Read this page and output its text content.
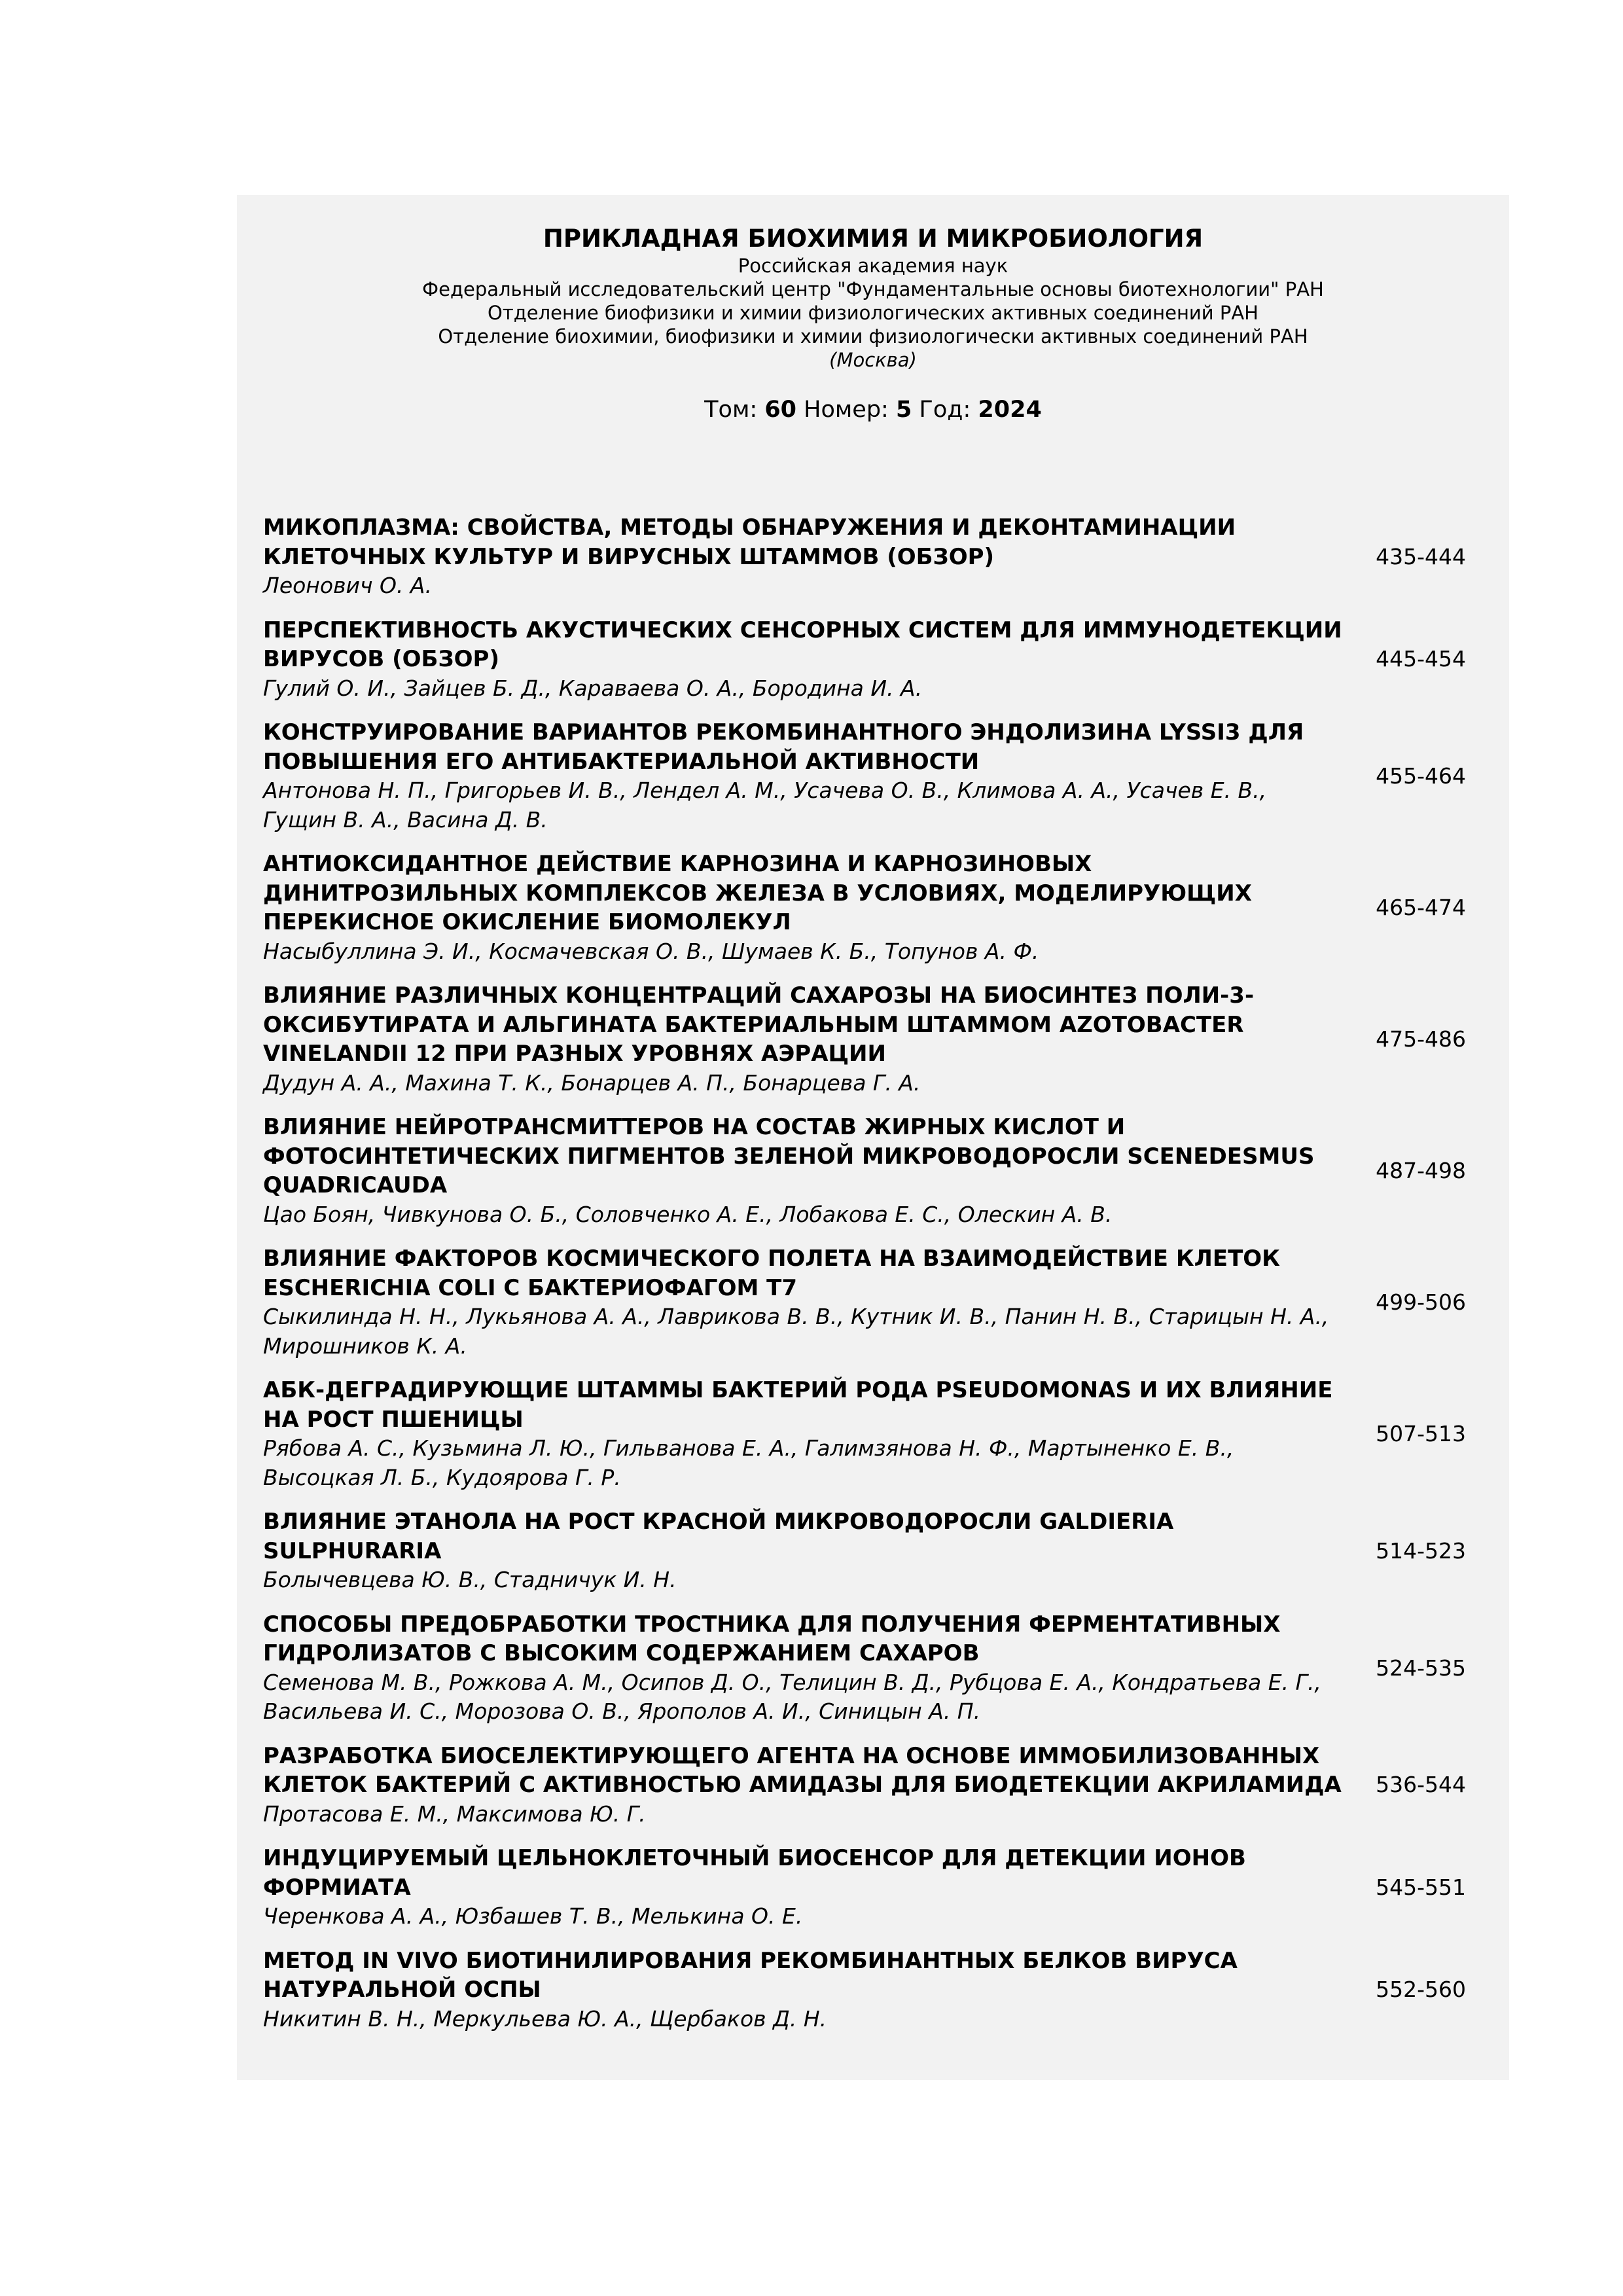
ПРИКЛАДНАЯ БИОХИМИЯ И МИКРОБИОЛОГИЯ

Российская академия наук

Федеральный исследовательский центр "Фундаментальные основы биотехнологии" РАН

Отделение биофизики и химии физиологических активных соединений РАН

Отделение биохимии, биофизики и химии физиологически активных соединений РАН

(Москва)

Том: 60 Номер: 5 Год: 2024

МИКОПЛАЗМА: СВОЙСТВА, МЕТОДЫ ОБНАРУЖЕНИЯ И ДЕКОНТАМИНАЦИИ КЛЕТОЧНЫХ КУЛЬТУР И ВИРУСНЫХ ШТАММОВ (ОБЗОР)

Леонович О. А.

435-444

ПЕРСПЕКТИВНОСТЬ АКУСТИЧЕСКИХ СЕНСОРНЫХ СИСТЕМ ДЛЯ ИММУНОДЕТЕКЦИИ ВИРУСОВ (ОБЗОР)

Гулий О. И., Зайцев Б. Д., Караваева О. А., Бородина И. А.

445-454

КОНСТРУИРОВАНИЕ ВАРИАНТОВ РЕКОМБИНАНТНОГО ЭНДОЛИЗИНА LYSSI3 ДЛЯ ПОВЫШЕНИЯ ЕГО АНТИБАКТЕРИАЛЬНОЙ АКТИВНОСТИ

Антонова Н. П., Григорьев И. В., Лендел А. М., Усачева О. В., Климова А. А., Усачев Е. В., Гущин В. А., Васина Д. В.

455-464

АНТИОКСИДАНТНОЕ ДЕЙСТВИЕ КАРНОЗИНА И КАРНОЗИНОВЫХ ДИНИТРОЗИЛЬНЫХ КОМПЛЕКСОВ ЖЕЛЕЗА В УСЛОВИЯХ, МОДЕЛИРУЮЩИХ ПЕРЕКИСНОЕ ОКИСЛЕНИЕ БИОМОЛЕКУЛ

Насыбуллина Э. И., Космачевская О. В., Шумаев К. Б., Топунов А. Ф.

465-474

ВЛИЯНИЕ РАЗЛИЧНЫХ КОНЦЕНТРАЦИЙ САХАРОЗЫ НА БИОСИНТЕЗ ПОЛИ-3-ОКСИБУТИРАТА И АЛЬГИНАТА БАКТЕРИАЛЬНЫМ ШТАММОМ AZOTOBACTER VINELANDII 12 ПРИ РАЗНЫХ УРОВНЯХ АЭРАЦИИ

Дудун А. А., Махина Т. К., Бонарцев А. П., Бонарцева Г. А.

475-486

ВЛИЯНИЕ НЕЙРОТРАНСМИТТЕРОВ НА СОСТАВ ЖИРНЫХ КИСЛОТ И ФОТОСИНТЕТИЧЕСКИХ ПИГМЕНТОВ ЗЕЛЕНОЙ МИКРОВОДОРОСЛИ SCENEDESMUS QUADRICAUDA

Цао Боян, Чивкунова О. Б., Соловченко А. Е., Лобакова Е. С., Олескин А. В.

487-498

ВЛИЯНИЕ ФАКТОРОВ КОСМИЧЕСКОГО ПОЛЕТА НА ВЗАИМОДЕЙСТВИЕ КЛЕТОК ESCHERICHIA COLI С БАКТЕРИОФАГОМ T7

Сыкилинда Н. Н., Лукьянова А. А., Лаврикова В. В., Кутник И. В., Панин Н. В., Старицын Н. А., Мирошников К. А.

499-506

АБК-ДЕГРАДИРУЮЩИЕ ШТАММЫ БАКТЕРИЙ РОДА PSEUDOMONAS И ИХ ВЛИЯНИЕ НА РОСТ ПШЕНИЦЫ

Рябова А. С., Кузьмина Л. Ю., Гильванова Е. А., Галимзянова Н. Ф., Мартыненко Е. В., Высоцкая Л. Б., Кудоярова Г. Р.

507-513

ВЛИЯНИЕ ЭТАНОЛА НА РОСТ КРАСНОЙ МИКРОВОДОРОСЛИ GALDIERIA SULPHURARIA

Болычевцева Ю. В., Стадничук И. Н.

514-523

СПОСОБЫ ПРЕДОБРАБОТКИ ТРОСТНИКА ДЛЯ ПОЛУЧЕНИЯ ФЕРМЕНТАТИВНЫХ ГИДРОЛИЗАТОВ С ВЫСОКИМ СОДЕРЖАНИЕМ САХАРОВ

Семенова М. В., Рожкова А. М., Осипов Д. О., Телицин В. Д., Рубцова Е. А., Кондратьева Е. Г., Васильева И. С., Морозова О. В., Ярополов А. И., Синицын А. П.

524-535

РАЗРАБОТКА БИОСЕЛЕКТИРУЮЩЕГО АГЕНТА НА ОСНОВЕ ИММОБИЛИЗОВАННЫХ КЛЕТОК БАКТЕРИЙ С АКТИВНОСТЬЮ АМИДАЗЫ ДЛЯ БИОДЕТЕКЦИИ АКРИЛАМИДА

Протасова Е. М., Максимова Ю. Г.

536-544

ИНДУЦИРУЕМЫЙ ЦЕЛЬНОКЛЕТОЧНЫЙ БИОСЕНСОР ДЛЯ ДЕТЕКЦИИ ИОНОВ ФОРМИАТА

Черенкова А. А., Юзбашев Т. В., Мелькина О. Е.

545-551

МЕТОД IN VIVO БИОТИНИЛИРОВАНИЯ РЕКОМБИНАНТНЫХ БЕЛКОВ ВИРУСА НАТУРАЛЬНОЙ ОСПЫ

Никитин В. Н., Меркульева Ю. А., Щербаков Д. Н.

552-560
